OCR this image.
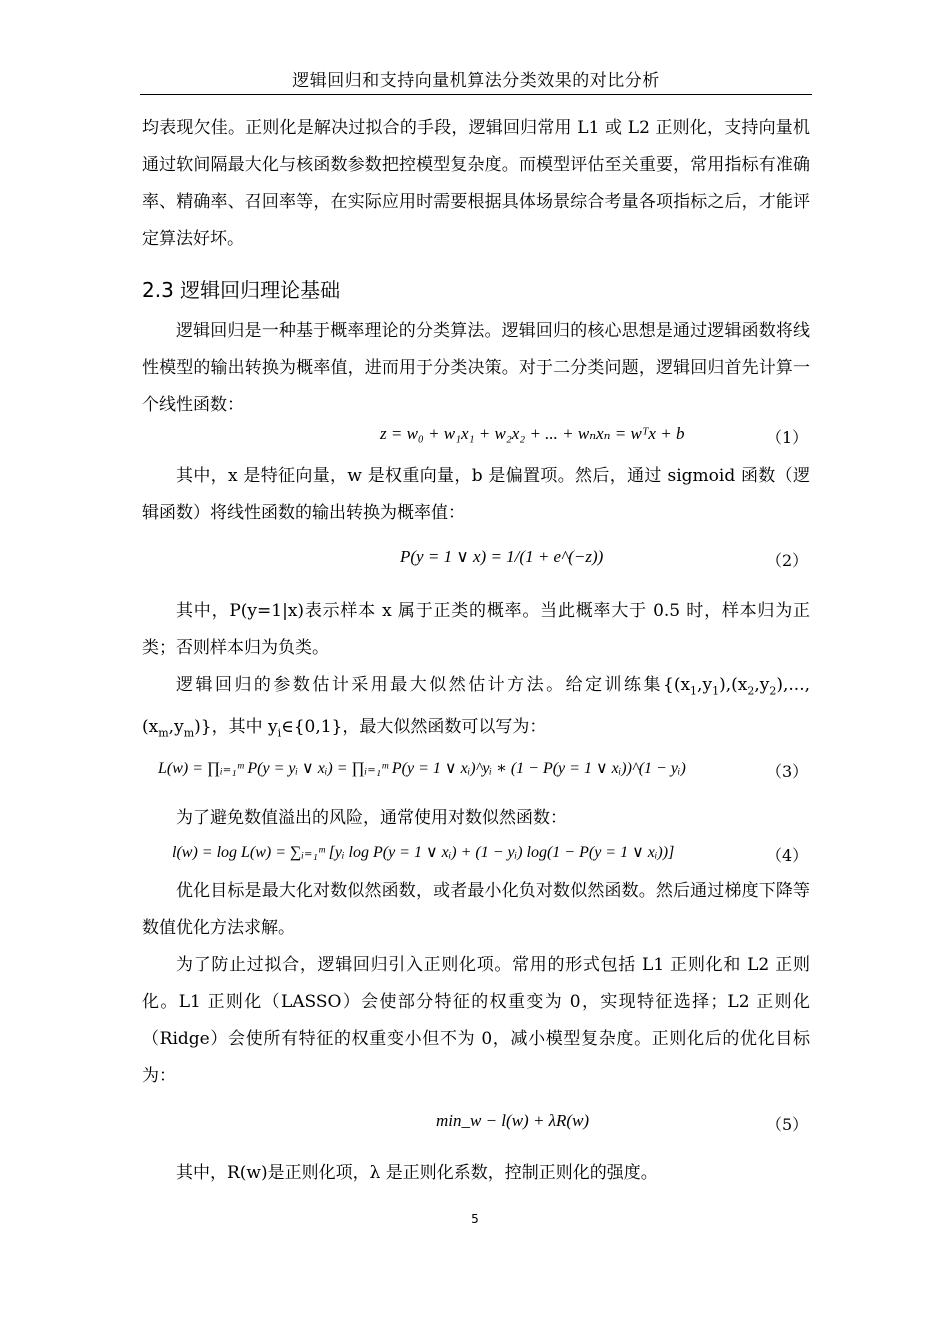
逻辑回归和支持向量机算法分类效果的对比分析

均表现欠佳。正则化是解决过拟合的手段，逻辑回归常用 L1 或 L2 正则化，支持向量机通过软间隔最大化与核函数参数把控模型复杂度。而模型评估至关重要，常用指标有准确率、精确率、召回率等，在实际应用时需要根据具体场景综合考量各项指标之后，才能评定算法好坏。

2.3 逻辑回归理论基础

逻辑回归是一种基于概率理论的分类算法。逻辑回归的核心思想是通过逻辑函数将线性模型的输出转换为概率值，进而用于分类决策。对于二分类问题，逻辑回归首先计算一个线性函数：

z = w₀ + w₁x₁ + w₂x₂ + ... + wₙxₙ = wᵀx + b	（1）

其中，x 是特征向量，w 是权重向量，b 是偏置项。然后，通过 sigmoid 函数（逻辑函数）将线性函数的输出转换为概率值：

P(y = 1 ∨ x) = 1/(1 + e^(−z))	（2）

其中，P(y=1|x)表示样本 x 属于正类的概率。当此概率大于 0.5 时，样本归为正类；否则样本归为负类。

逻辑回归的参数估计采用最大似然估计方法。给定训练集$\{(x_1,y_1),(x_2,y_2),...,(x_m,y_m)\}$，其中 $y_i\in\{0,1\}$，最大似然函数可以写为：

L(w) = ∏ᵢ₌₁ᵐ P(y = yᵢ ∨ xᵢ) = ∏ᵢ₌₁ᵐ P(y = 1 ∨ xᵢ)^yᵢ ∗ (1 − P(y = 1 ∨ xᵢ))^(1 − yᵢ)	（3）

为了避免数值溢出的风险，通常使用对数似然函数：

l(w) = log L(w) = ∑ᵢ₌₁ᵐ [yᵢ log P(y = 1 ∨ xᵢ) + (1 − yᵢ) log(1 − P(y = 1 ∨ xᵢ))]	（4）

优化目标是最大化对数似然函数，或者最小化负对数似然函数。然后通过梯度下降等数值优化方法求解。

为了防止过拟合，逻辑回归引入正则化项。常用的形式包括 L1 正则化和 L2 正则化。L1 正则化（LASSO）会使部分特征的权重变为 0，实现特征选择；L2 正则化（Ridge）会使所有特征的权重变小但不为 0，减小模型复杂度。正则化后的优化目标为：

min_w − l(w) + λR(w)	（5）

其中，R(w)是正则化项，λ 是正则化系数，控制正则化的强度。

5
